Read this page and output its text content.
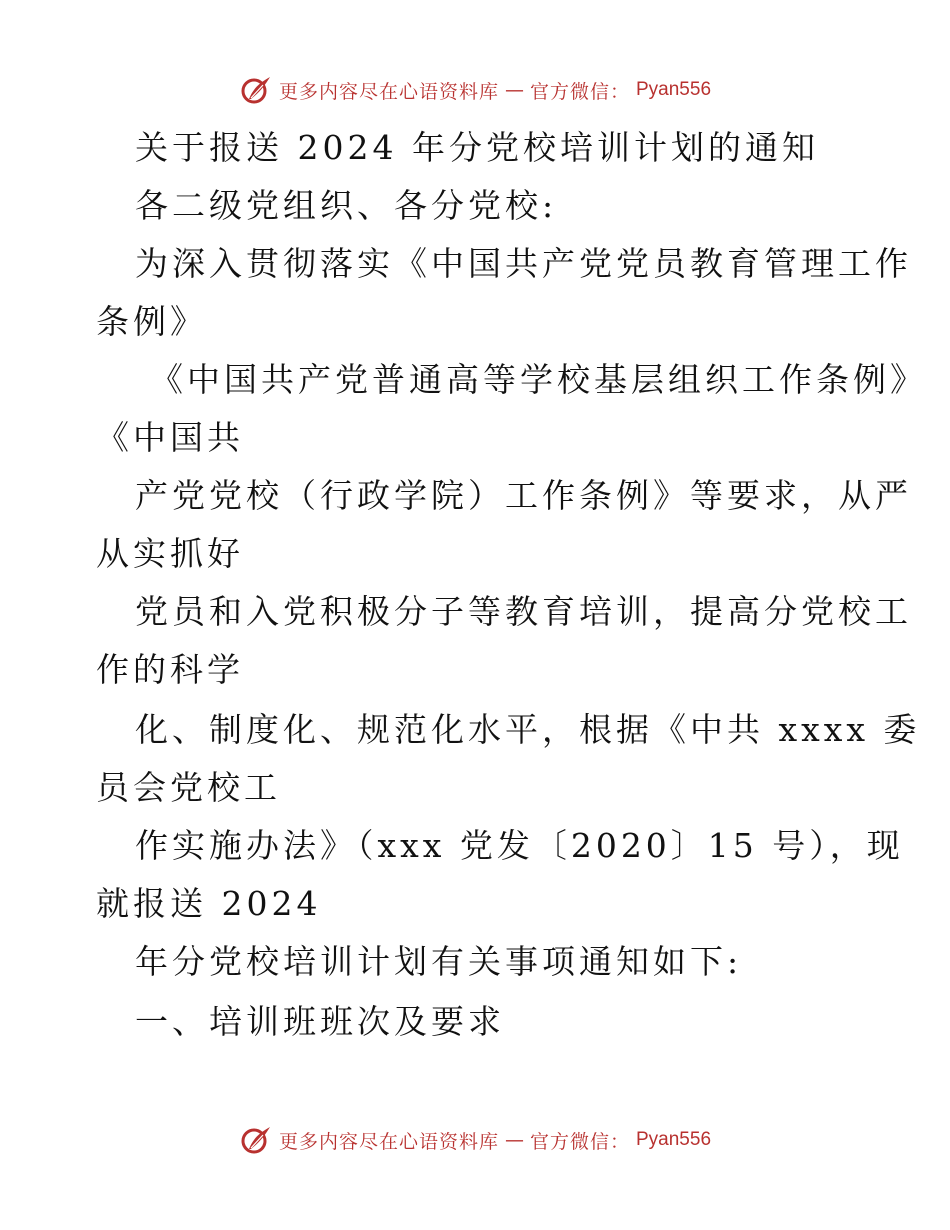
更多内容尽在心语资料库 — 官方微信： Pyan556
关于报送 2024 年分党校培训计划的通知
各二级党组织、各分党校:
为深入贯彻落实《中国共产党党员教育管理工作
条例》
《中国共产党普通高等学校基层组织工作条例》
《中国共
产党党校（行政学院）工作条例》等要求，从严
从实抓好
党员和入党积极分子等教育培训，提高分党校工
作的科学
化、制度化、规范化水平，根据《中共 xxxx 委
员会党校工
作实施办法》（xxx 党发〔2020〕15 号），现
就报送 2024
年分党校培训计划有关事项通知如下:
一、培训班班次及要求
更多内容尽在心语资料库 — 官方微信： Pyan556
